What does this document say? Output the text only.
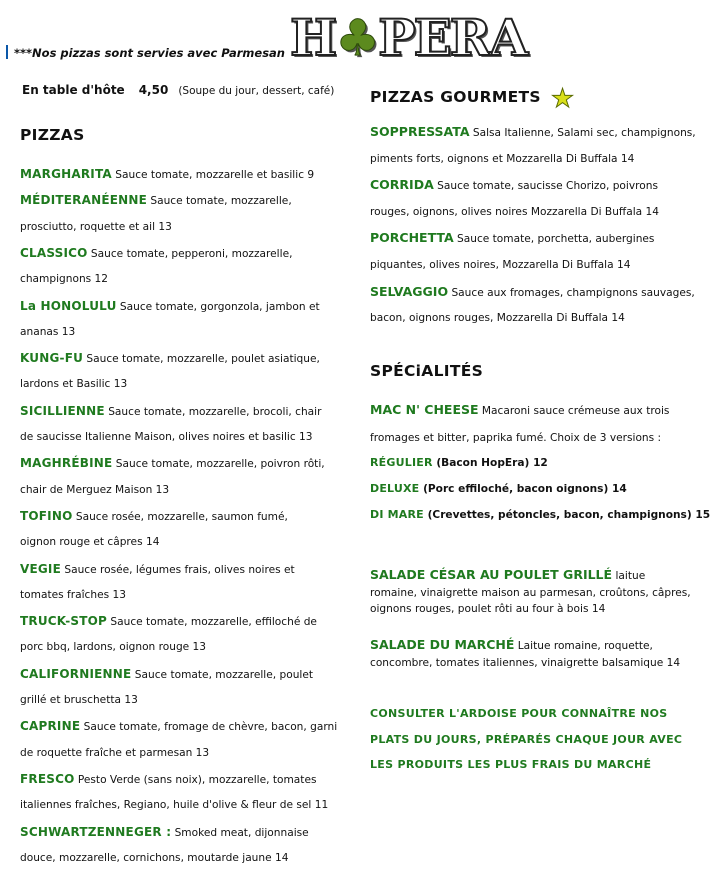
***Nos pizzas sont servies avec Parmesan H♣PERA
En table d'hôte 4,50 (Soupe du jour, dessert, café)
PIZZAS
PIZZAS GOURMETS ★
MARGHARITA Sauce tomate, mozzarelle et basilic 9
MÉDITERANÉENNE Sauce tomate, mozzarelle,
prosciutto, roquette et ail 13
CLASSICO Sauce tomate, pepperoni, mozzarelle,
champignons 12
La HONOLULU Sauce tomate, gorgonzola, jambon et
ananas 13
KUNG-FU Sauce tomate, mozzarelle, poulet asiatique,
lardons et Basilic 13
SICILLIENNE Sauce tomate, mozzarelle, brocoli, chair
de saucisse Italienne Maison, olives noires et basilic 13
MAGHRÉBINE Sauce tomate, mozzarelle, poivron rôti,
chair de Merguez Maison 13
TOFINO Sauce rosée, mozzarelle, saumon fumé,
oignon rouge et câpres 14
VEGIE Sauce rosée, légumes frais, olives noires et
tomates fraîches 13
TRUCK-STOP Sauce tomate, mozzarelle, effiloché de
porc bbq, lardons, oignon rouge 13
CALIFORNIENNE Sauce tomate, mozzarelle, poulet
grillé et bruschetta 13
CAPRINE Sauce tomate, fromage de chèvre, bacon, garni
de roquette fraîche et parmesan 13
FRESCO Pesto Verde (sans noix), mozzarelle, tomates
italiennes fraîches, Regiano, huile d'olive & fleur de sel 11
SCHWARTZENNEGER : Smoked meat, dijonnaise
douce, mozzarelle, cornichons, moutarde jaune 14
SOPPRESSATA Salsa Italienne, Salami sec, champignons,
piments forts, oignons et Mozzarella Di Buffala 14
CORRIDA Sauce tomate, saucisse Chorizo, poivrons
rouges, oignons, olives noires Mozzarella Di Buffala 14
PORCHETTA Sauce tomate, porchetta, aubergines
piquantes, olives noires, Mozzarella Di Buffala 14
SELVAGGIO Sauce aux fromages, champignons sauvages,
bacon, oignons rouges, Mozzarella Di Buffala 14
SPÉCiALITÉS
MAC N' CHEESE Macaroni sauce crémeuse aux trois
fromages et bitter, paprika fumé. Choix de 3 versions :
RÉGULIER (Bacon HopEra) 12
DELUXE (Porc effiloché, bacon oignons) 14
DI MARE (Crevettes, pétoncles, bacon, champignons) 15
SALADE CÉSAR AU POULET GRILLÉ laitue
romaine, vinaigrette maison au parmesan, croûtons, câpres,
oignons rouges, poulet rôti au four à bois 14
SALADE DU MARCHÉ Laitue romaine, roquette,
concombre, tomates italiennes, vinaigrette balsamique 14
CONSULTER L'ARDOISE POUR CONNAÎTRE NOS
PLATS DU JOURS, PRÉPARÉS CHAQUE JOUR AVEC
LES PRODUITS LES PLUS FRAIS DU MARCHÉ
